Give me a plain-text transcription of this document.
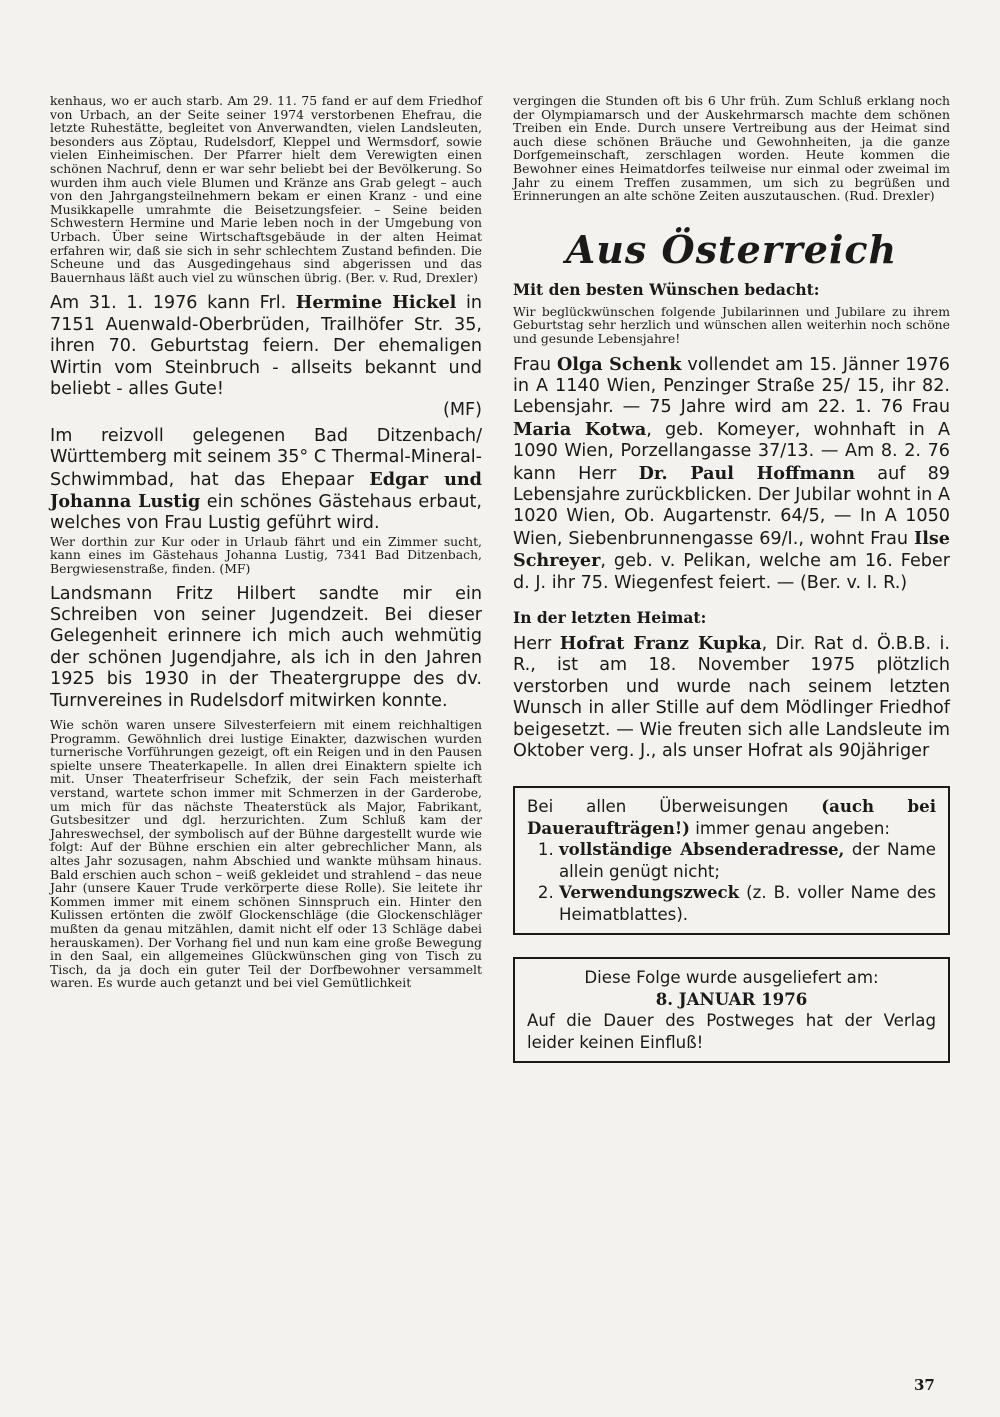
kenhaus, wo er auch starb. Am 29. 11. 75 fand er auf dem Friedhof von Urbach, an der Seite seiner 1974 verstorbenen Ehefrau, die letzte Ruhestätte, begleitet von Anverwandten, vielen Landsleuten, besonders aus Zöptau, Rudelsdorf, Kleppel und Wermsdorf, sowie vielen Einheimischen. Der Pfarrer hielt dem Verewigten einen schönen Nachruf, denn er war sehr beliebt bei der Bevölkerung. So wurden ihm auch viele Blumen und Kränze ans Grab gelegt – auch von den Jahrgangsteilnehmern bekam er einen Kranz - und eine Musikkapelle umrahmte die Beisetzungsfeier. – Seine beiden Schwestern Hermine und Marie leben noch in der Umgebung von Urbach. Über seine Wirtschaftsgebäude in der alten Heimat erfahren wir, daß sie sich in sehr schlechtem Zustand befinden. Die Scheune und das Ausgedingehaus sind abgerissen und das Bauernhaus läßt auch viel zu wünschen übrig. (Ber. v. Rud, Drexler)

Am 31. 1. 1976 kann Frl. Hermine Hickel in 7151 Auenwald-Oberbrüden, Trailhöfer Str. 35, ihren 70. Geburtstag feiern. Der ehemaligen Wirtin vom Steinbruch - allseits bekannt und beliebt - alles Gute!

(MF)

Im reizvoll gelegenen Bad Ditzenbach/ Württemberg mit seinem 35° C Thermal-Mineral-Schwimmbad, hat das Ehepaar Edgar und Johanna Lustig ein schönes Gästehaus erbaut, welches von Frau Lustig geführt wird.

Wer dorthin zur Kur oder in Urlaub fährt und ein Zimmer sucht, kann eines im Gästehaus Johanna Lustig, 7341 Bad Ditzenbach, Bergwiesenstraße, finden. (MF)

Landsmann Fritz Hilbert sandte mir ein Schreiben von seiner Jugendzeit. Bei dieser Gelegenheit erinnere ich mich auch wehmütig der schönen Jugendjahre, als ich in den Jahren 1925 bis 1930 in der Theatergruppe des dv. Turnvereines in Rudelsdorf mitwirken konnte.

Wie schön waren unsere Silvesterfeiern mit einem reichhaltigen Programm. Gewöhnlich drei lustige Einakter, dazwischen wurden turnerische Vorführungen gezeigt, oft ein Reigen und in den Pausen spielte unsere Theaterkapelle. In allen drei Einaktern spielte ich mit. Unser Theaterfriseur Schefzik, der sein Fach meisterhaft verstand, wartete schon immer mit Schmerzen in der Garderobe, um mich für das nächste Theaterstück als Major, Fabrikant, Gutsbesitzer und dgl. herzurichten. Zum Schluß kam der Jahreswechsel, der symbolisch auf der Bühne dargestellt wurde wie folgt: Auf der Bühne erschien ein alter gebrechlicher Mann, als altes Jahr sozusagen, nahm Abschied und wankte mühsam hinaus. Bald erschien auch schon – weiß gekleidet und strahlend – das neue Jahr (unsere Kauer Trude verkörperte diese Rolle). Sie leitete ihr Kommen immer mit einem schönen Sinnspruch ein. Hinter den Kulissen ertönten die zwölf Glockenschläge (die Glockenschläger mußten da genau mitzählen, damit nicht elf oder 13 Schläge dabei herauskamen). Der Vorhang fiel und nun kam eine große Bewegung in den Saal, ein allgemeines Glückwünschen ging von Tisch zu Tisch, da ja doch ein guter Teil der Dorfbewohner versammelt waren. Es wurde auch getanzt und bei viel Gemütlichkeit

vergingen die Stunden oft bis 6 Uhr früh. Zum Schluß erklang noch der Olympiamarsch und der Auskehrmarsch machte dem schönen Treiben ein Ende. Durch unsere Vertreibung aus der Heimat sind auch diese schönen Bräuche und Gewohnheiten, ja die ganze Dorfgemeinschaft, zerschlagen worden. Heute kommen die Bewohner eines Heimatdorfes teilweise nur einmal oder zweimal im Jahr zu einem Treffen zusammen, um sich zu begrüßen und Erinnerungen an alte schöne Zeiten auszutauschen. (Rud. Drexler)

Aus Österreich
Mit den besten Wünschen bedacht:

Wir beglückwünschen folgende Jubilarinnen und Jubilare zu ihrem Geburtstag sehr herzlich und wünschen allen weiterhin noch schöne und gesunde Lebensjahre!

Frau Olga Schenk vollendet am 15. Jänner 1976 in A 1140 Wien, Penzinger Straße 25/ 15, ihr 82. Lebensjahr. — 75 Jahre wird am 22. 1. 76 Frau Maria Kotwa, geb. Komeyer, wohnhaft in A 1090 Wien, Porzellangasse 37/13. — Am 8. 2. 76 kann Herr Dr. Paul Hoffmann auf 89 Lebensjahre zurückblicken. Der Jubilar wohnt in A 1020 Wien, Ob. Augartenstr. 64/5, — In A 1050 Wien, Siebenbrunnengasse 69/I., wohnt Frau Ilse Schreyer, geb. v. Pelikan, welche am 16. Feber d. J. ihr 75. Wiegenfest feiert. — (Ber. v. I. R.)

In der letzten Heimat:

Herr Hofrat Franz Kupka, Dir. Rat d. Ö.B.B. i. R., ist am 18. November 1975 plötzlich verstorben und wurde nach seinem letzten Wunsch in aller Stille auf dem Mödlinger Friedhof beigesetzt. — Wie freuten sich alle Landsleute im Oktober verg. J., als unser Hofrat als 90jähriger

Bei allen Überweisungen (auch bei Daueraufträgen!) immer genau angeben:

1. vollständige Absenderadresse, der Name allein genügt nicht;
2. Verwendungszweck (z. B. voller Name des Heimatblattes).

Diese Folge wurde ausgeliefert am:

8. JANUAR 1976

Auf die Dauer des Postweges hat der Verlag leider keinen Einfluß!

37
